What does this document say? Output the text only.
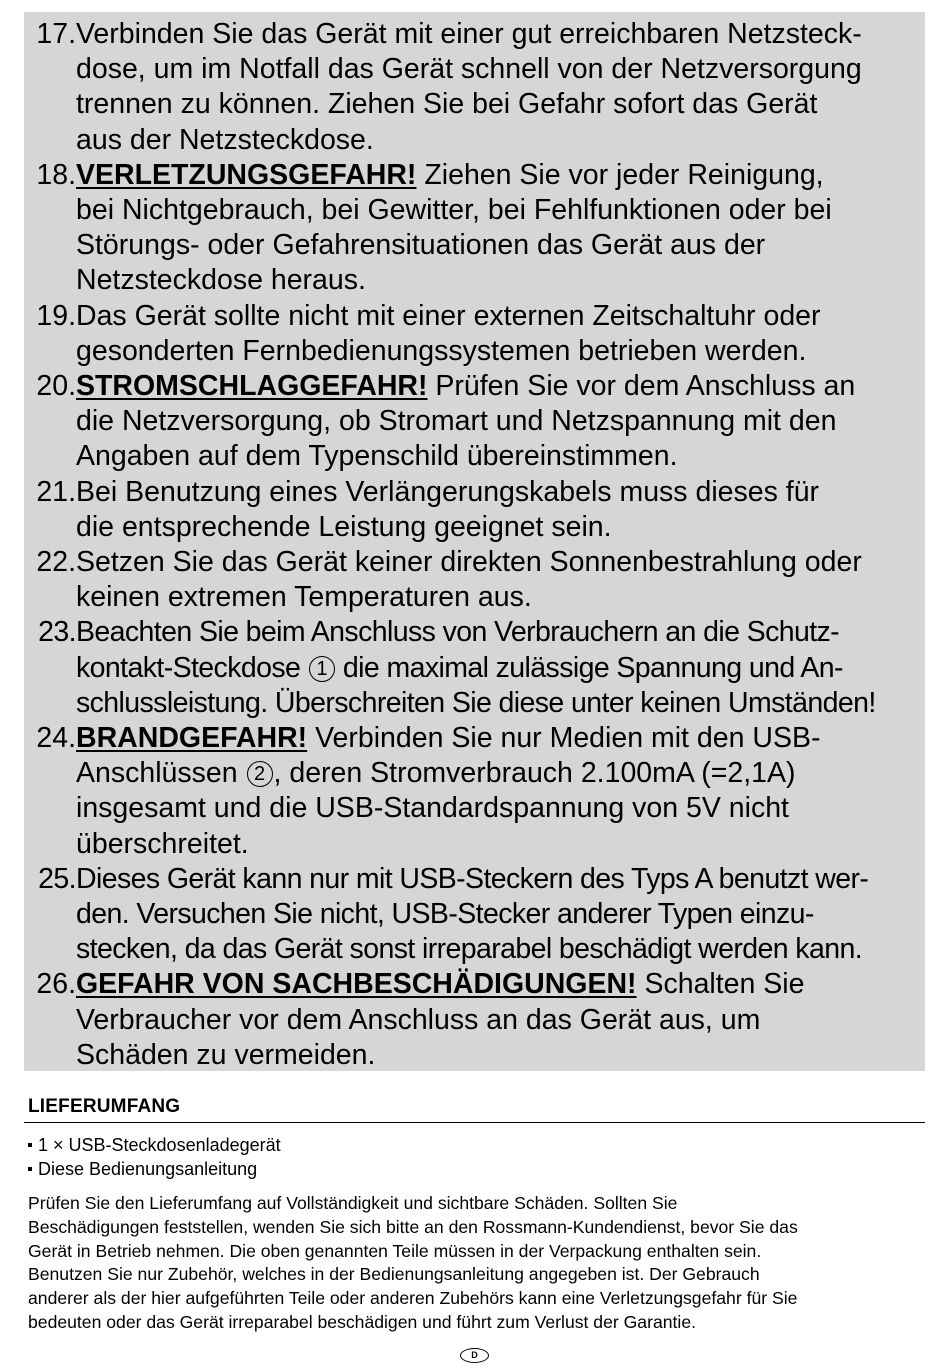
17. Verbinden Sie das Gerät mit einer gut erreichbaren Netzsteck-
dose, um im Notfall das Gerät schnell von der Netzversorgung
trennen zu können. Ziehen Sie bei Gefahr sofort das Gerät
aus der Netzsteckdose.
18. VERLETZUNGSGEFAHR! Ziehen Sie vor jeder Reinigung,
bei Nichtgebrauch, bei Gewitter, bei Fehlfunktionen oder bei
Störungs- oder Gefahrensituationen das Gerät aus der
Netzsteckdose heraus.
19. Das Gerät sollte nicht mit einer externen Zeitschaltuhr oder
gesonderten Fernbedienungssystemen betrieben werden.
20. STROMSCHLAGGEFAHR! Prüfen Sie vor dem Anschluss an
die Netzversorgung, ob Stromart und Netzspannung mit den
Angaben auf dem Typenschild übereinstimmen.
21. Bei Benutzung eines Verlängerungskabels muss dieses für
die entsprechende Leistung geeignet sein.
22. Setzen Sie das Gerät keiner direkten Sonnenbestrahlung oder
keinen extremen Temperaturen aus.
23. Beachten Sie beim Anschluss von Verbrauchern an die Schutz-
kontakt-Steckdose 1 die maximal zulässige Spannung und An-
schlussleistung. Überschreiten Sie diese unter keinen Umständen!
24. BRANDGEFAHR! Verbinden Sie nur Medien mit den USB-
Anschlüssen 2 , deren Stromverbrauch 2.100mA (=2,1A)
insgesamt und die USB-Standardspannung von 5V nicht
überschreitet.
25. Dieses Gerät kann nur mit USB-Steckern des Typs A benutzt wer-
den. Versuchen Sie nicht, USB-Stecker anderer Typen einzu-
stecken, da das Gerät sonst irreparabel beschädigt werden kann.
26. GEFAHR VON SACHBESCHÄDIGUNGEN! Schalten Sie
Verbraucher vor dem Anschluss an das Gerät aus, um
Schäden zu vermeiden.
LIEFERUMFANG
1 × USB-Steckdosenladegerät
Diese Bedienungsanleitung
Prüfen Sie den Lieferumfang auf Vollständigkeit und sichtbare Schäden. Sollten Sie
Beschädigungen feststellen, wenden Sie sich bitte an den Rossmann-Kundendienst, bevor Sie das
Gerät in Betrieb nehmen. Die oben genannten Teile müssen in der Verpackung enthalten sein.
Benutzen Sie nur Zubehör, welches in der Bedienungsanleitung angegeben ist. Der Gebrauch
anderer als der hier aufgeführten Teile oder anderen Zubehörs kann eine Verletzungsgefahr für Sie
bedeuten oder das Gerät irreparabel beschädigen und führt zum Verlust der Garantie.
D
